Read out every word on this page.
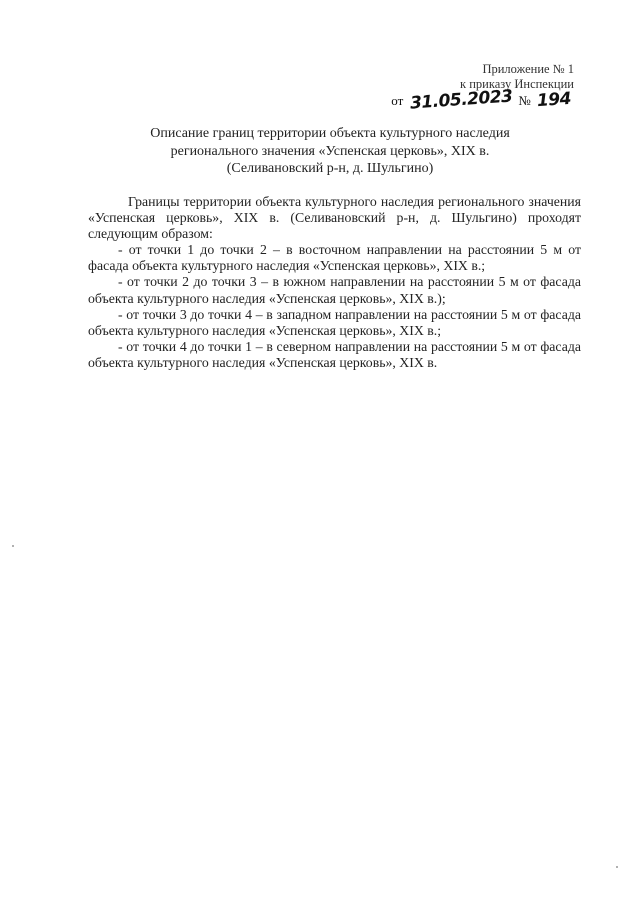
Приложение № 1
к приказу Инспекции
от 31.05.2023 № 194
Описание границ территории объекта культурного наследия
регионального значения «Успенская церковь», XIX в.
(Селивановский р-н, д. Шульгино)

Границы территории объекта культурного наследия регионального значения «Успенская церковь», XIX в. (Селивановский р-н, д. Шульгино) проходят следующим образом:

- от точки 1 до точки 2 – в восточном направлении на расстоянии 5 м от фасада объекта культурного наследия «Успенская церковь», XIX в.;

- от точки 2 до точки 3 – в южном направлении на расстоянии 5 м от фасада объекта культурного наследия «Успенская церковь», XIX в.);

- от точки 3 до точки 4 – в западном направлении на расстоянии 5 м от фасада объекта культурного наследия «Успенская церковь», XIX в.;

- от точки 4 до точки 1 – в северном направлении на расстоянии 5 м от фасада объекта культурного наследия «Успенская церковь», XIX в.
